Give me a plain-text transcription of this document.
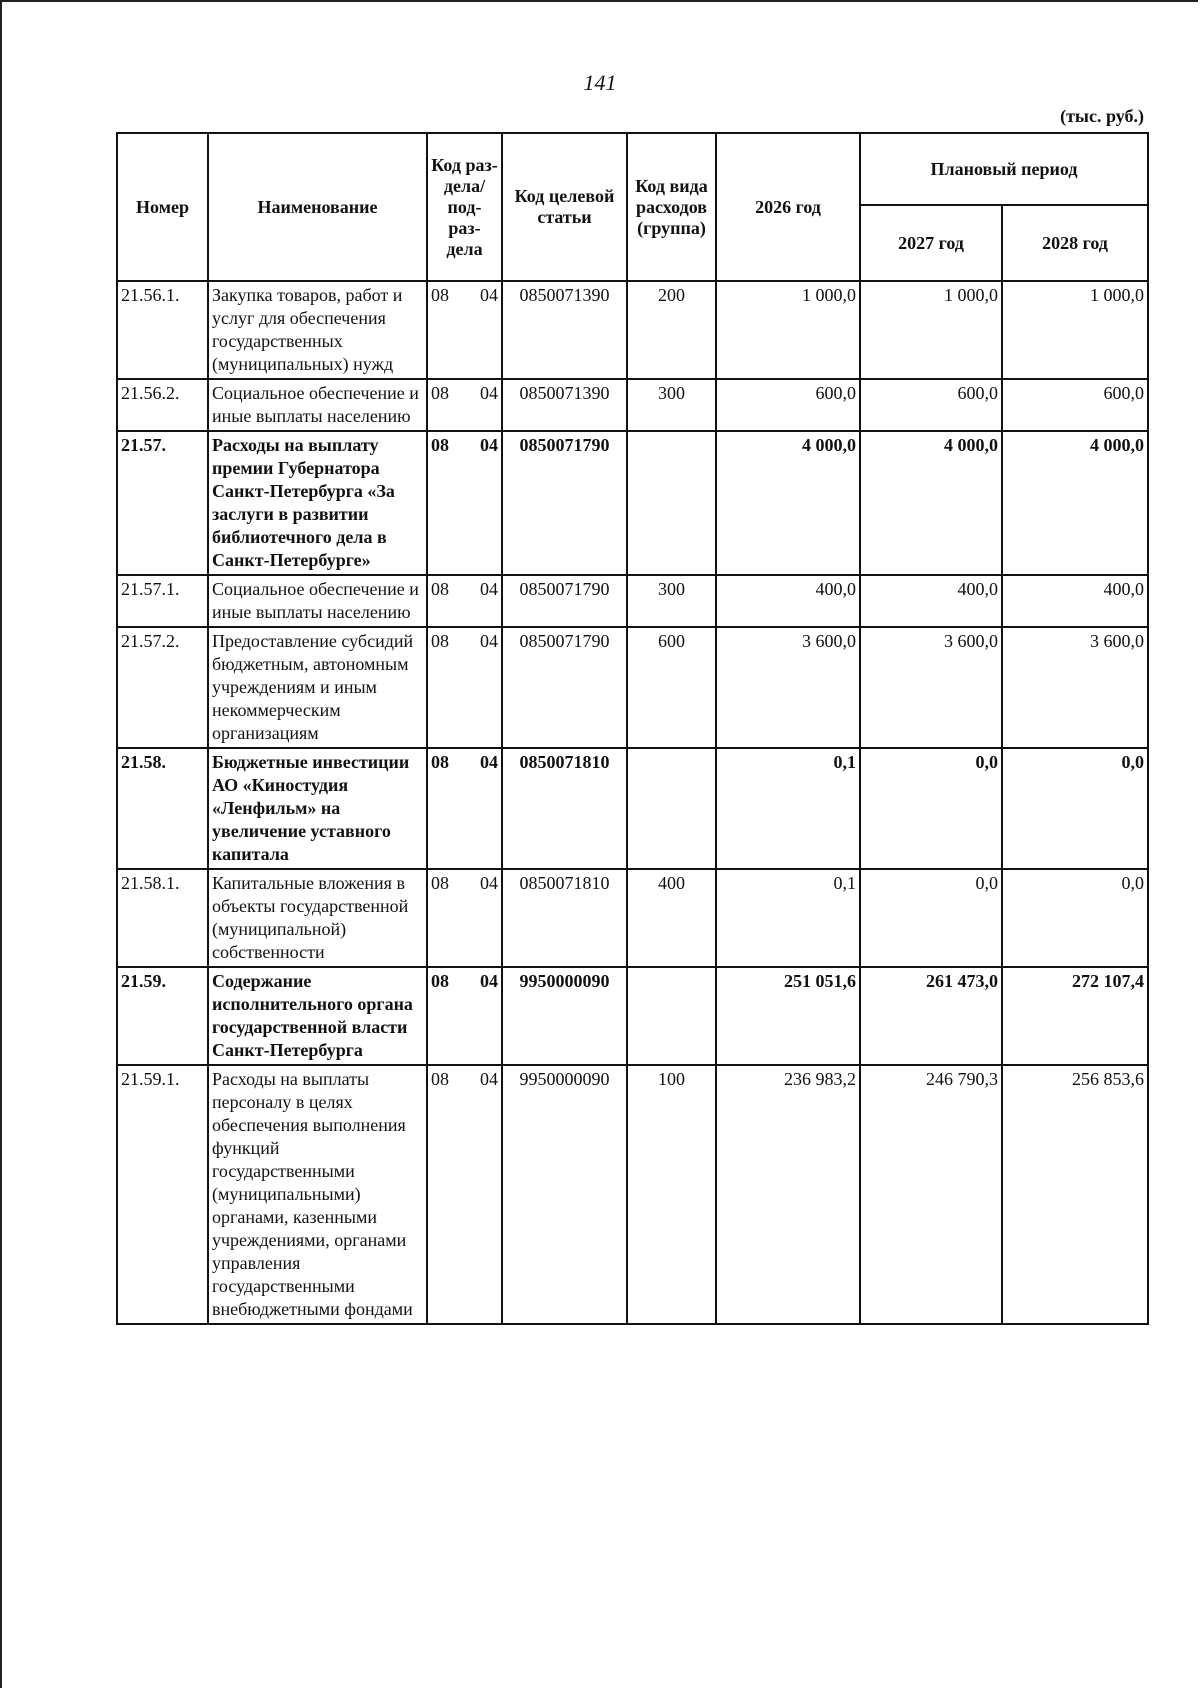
141
(тыс. руб.)
Номер	Наименование	Код раз- дела/ под- раз- дела	Код целевой статьи	Код вида расходов (группа)	2026 год	Плановый период	
						2027 год	2028 год
21.56.1.	Закупка товаров, работ и услуг для обеспечения государственных (муниципальных) нужд	08 04	0850071390	200	1 000,0	1 000,0	1 000,0
21.56.2.	Социальное обеспечение и иные выплаты населению	08 04	0850071390	300	600,0	600,0	600,0
21.57.	Расходы на выплату премии Губернатора Санкт-Петербурга «За заслуги в развитии библиотечного дела в Санкт-Петербурге»	08 04	0850071790		4 000,0	4 000,0	4 000,0
21.57.1.	Социальное обеспечение и иные выплаты населению	08 04	0850071790	300	400,0	400,0	400,0
21.57.2.	Предоставление субсидий бюджетным, автономным учреждениям и иным некоммерческим организациям	08 04	0850071790	600	3 600,0	3 600,0	3 600,0
21.58.	Бюджетные инвестиции АО «Киностудия «Ленфильм» на увеличение уставного капитала	08 04	0850071810		0,1	0,0	0,0
21.58.1.	Капитальные вложения в объекты государственной (муниципальной) собственности	08 04	0850071810	400	0,1	0,0	0,0
21.59.	Содержание исполнительного органа государственной власти Санкт-Петербурга	08 04	9950000090		251 051,6	261 473,0	272 107,4
21.59.1.	Расходы на выплаты персоналу в целях обеспечения выполнения функций государственными (муниципальными) органами, казенными учреждениями, органами управления государственными внебюджетными фондами	08 04	9950000090	100	236 983,2	246 790,3	256 853,6
